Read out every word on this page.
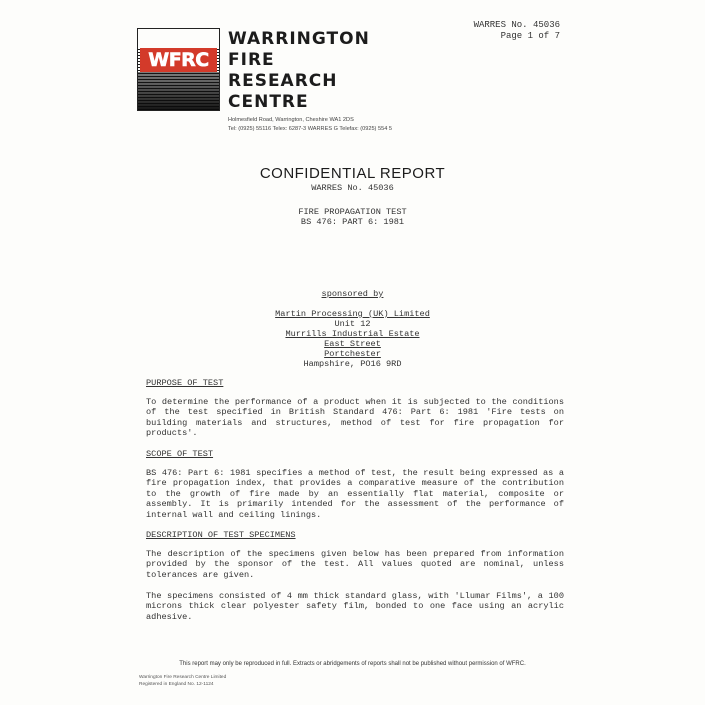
WARRES No. 45036
Page 1 of 7
WFRC
WARRINGTON
FIRE
RESEARCH
CENTRE
Holmesfield Road, Warrington, Cheshire WA1 2DS
Tel: (0925) 55116 Telex: 6287-3 WARRES G Telefax: (0925) 554 5
CONFIDENTIAL REPORT
WARRES No. 45036
FIRE PROPAGATION TEST
BS 476: PART 6: 1981
sponsored by
Martin Processing (UK) Limited
Unit 12
Murrills Industrial Estate
East Street
Portchester
Hampshire, PO16 9RD
PURPOSE OF TEST
To determine the performance of a product when it is subjected to the conditions of the test specified in British Standard 476: Part 6: 1981 'Fire tests on building materials and structures, method of test for fire propagation for products'.
SCOPE OF TEST
BS 476: Part 6: 1981 specifies a method of test, the result being expressed as a fire propagation index, that provides a comparative measure of the contribution to the growth of fire made by an essentially flat material, composite or assembly. It is primarily intended for the assessment of the performance of internal wall and ceiling linings.
DESCRIPTION OF TEST SPECIMENS
The description of the specimens given below has been prepared from information provided by the sponsor of the test. All values quoted are nominal, unless tolerances are given.
The specimens consisted of 4 mm thick standard glass, with 'Llumar Films', a 100 microns thick clear polyester safety film, bonded to one face using an acrylic adhesive.
This report may only be reproduced in full. Extracts or abridgements of reports shall not be published without permission of WFRC.
Warrington Fire Research Centre Limited
Registered in England No. 12-1124
